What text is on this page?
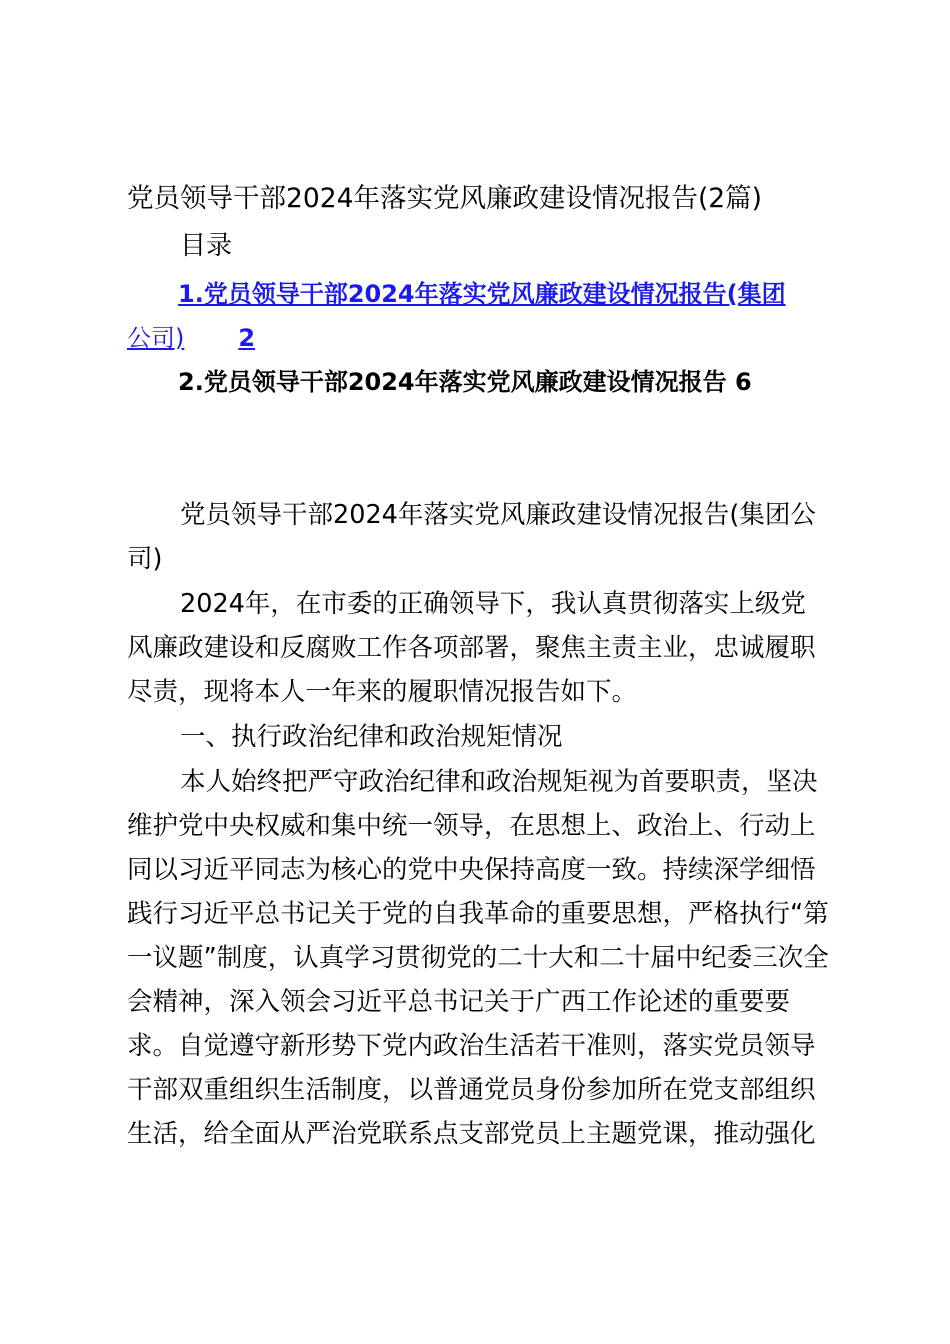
党员领导干部2024年落实党风廉政建设情况报告(2篇)
目录
1.党员领导干部2024年落实党风廉政建设情况报告(集团
公司) 2
2.党员领导干部2024年落实党风廉政建设情况报告 6
党员领导干部2024年落实党风廉政建设情况报告(集团公
司)
2024年，在市委的正确领导下，我认真贯彻落实上级党
风廉政建设和反腐败工作各项部署，聚焦主责主业，忠诚履职
尽责，现将本人一年来的履职情况报告如下。
一、执行政治纪律和政治规矩情况
本人始终把严守政治纪律和政治规矩视为首要职责，坚决
维护党中央权威和集中统一领导，在思想上、政治上、行动上
同以习近平同志为核心的党中央保持高度一致。持续深学细悟
践行习近平总书记关于党的自我革命的重要思想，严格执行“第
一议题”制度，认真学习贯彻党的二十大和二十届中纪委三次全
会精神，深入领会习近平总书记关于广西工作论述的重要要
求。自觉遵守新形势下党内政治生活若干准则，落实党员领导
干部双重组织生活制度，以普通党员身份参加所在党支部组织
生活，给全面从严治党联系点支部党员上主题党课，推动强化
